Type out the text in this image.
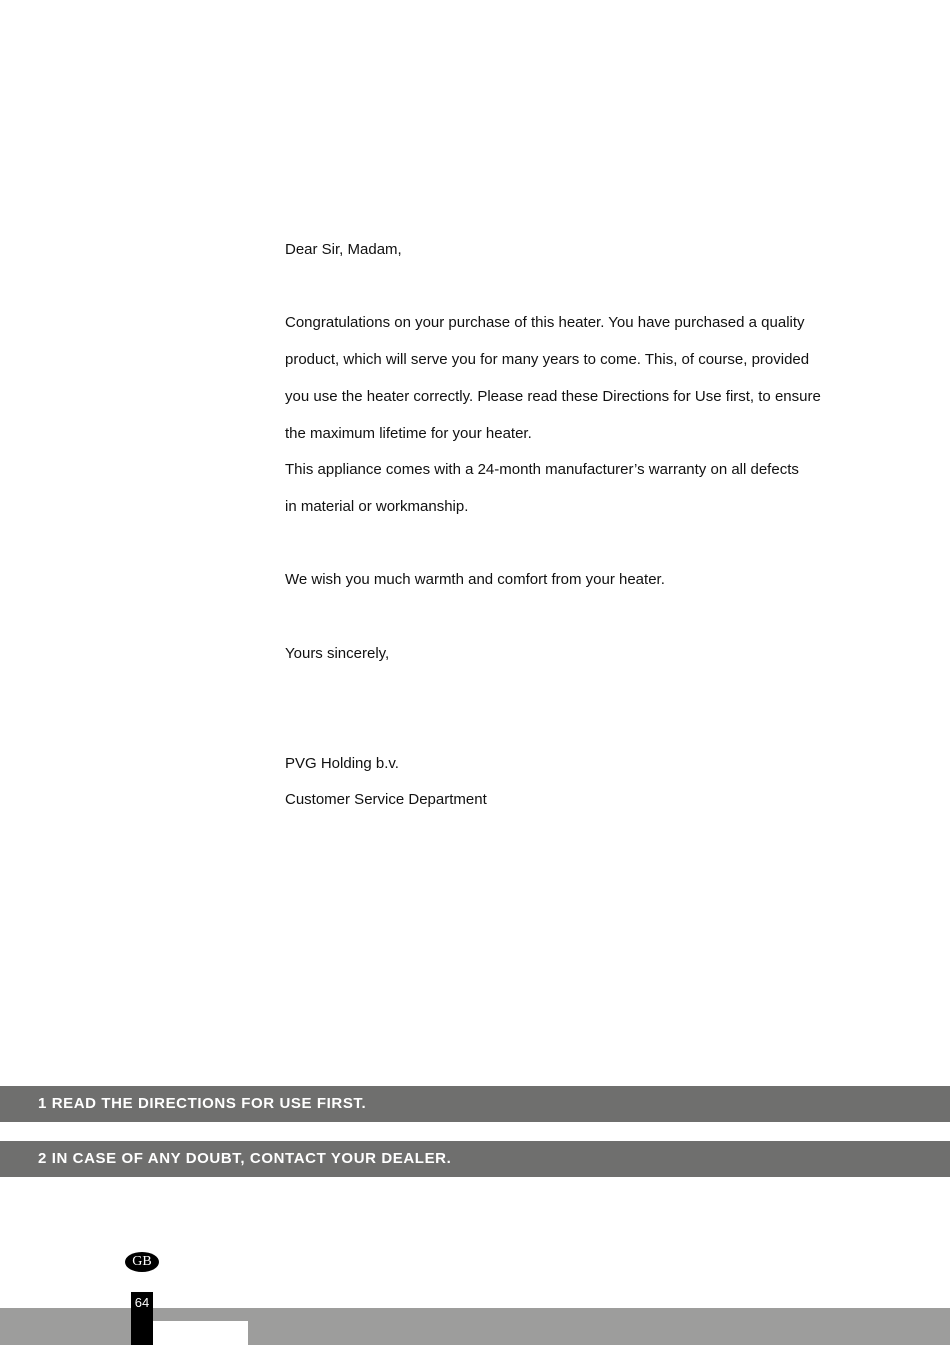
Dear Sir, Madam,

Congratulations on your purchase of this heater. You have purchased a quality

product, which will serve you for many years to come. This, of course, provided

you use the heater correctly. Please read these Directions for Use first, to ensure

the maximum lifetime for your heater.

This appliance comes with a 24-month manufacturer’s warranty on all defects

in material or workmanship.

We wish you much warmth and comfort from your heater.

Yours sincerely,

PVG Holding b.v.

Customer Service Department

1 READ THE DIRECTIONS FOR USE FIRST.
2 IN CASE OF ANY DOUBT, CONTACT YOUR DEALER.
GB
64
